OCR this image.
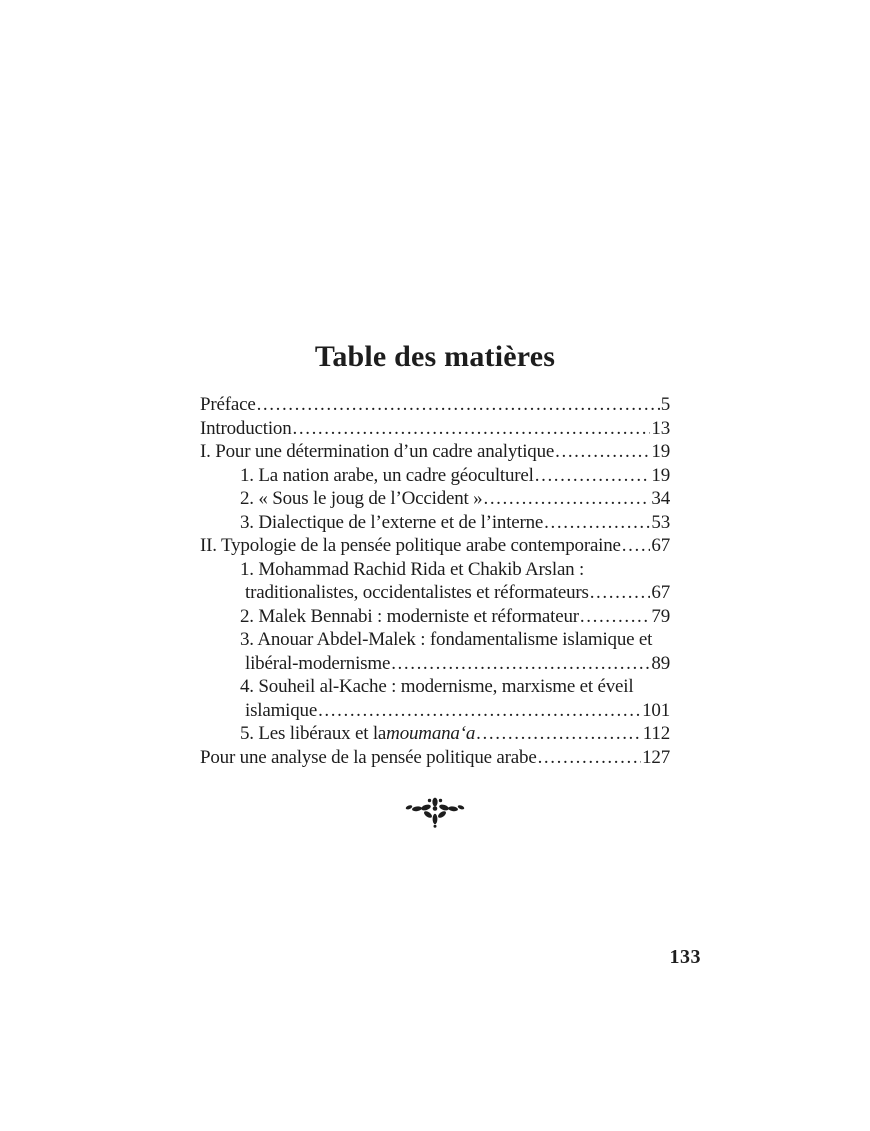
Table des matières
Préface .....	5
Introduction .....	13
I. Pour une détermination d’un cadre analytique .....	19
1. La nation arabe, un cadre géoculturel .....	19
2. « Sous le joug de l’Occident » .....	34
3. Dialectique de l’externe et de l’interne .....	53
II. Typologie de la pensée politique arabe contemporaine ..... 67
1. Mohammad Rachid Rida et Chakib Arslan :
traditionalistes, occidentalistes et réformateurs .....	67
2. Malek Bennabi : moderniste et réformateur .....	79
3. Anouar Abdel-Malek : fondamentalisme islamique et
libéral-modernisme .....	89
4. Souheil al-Kache : modernisme, marxisme et éveil
islamique .....	101
5. Les libéraux et la moumanaʻa .....	112
Pour une analyse de la pensée politique arabe .....	127
133
